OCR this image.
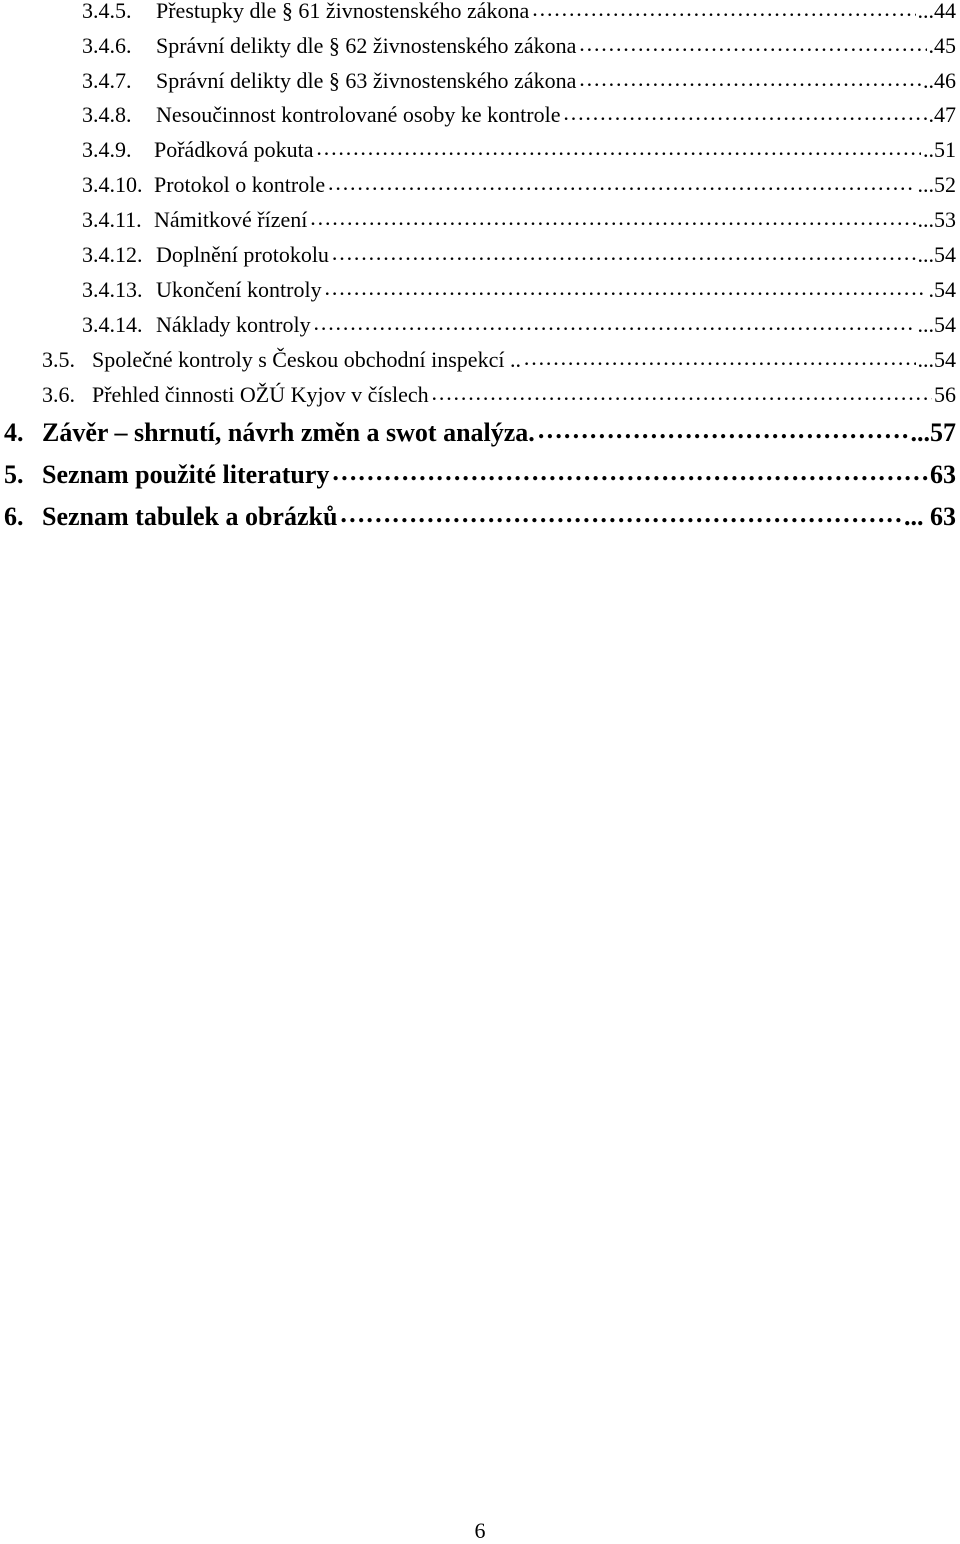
3.4.5.	Přestupky dle § 61 živnostenského zákona ……………………………………………………………………………………………………………………………………	...44
3.4.6.	Správní delikty dle § 62 živnostenského zákona ……………………………………………………………………………………………………………………………………	.45
3.4.7.	Správní delikty dle § 63 živnostenského zákona ……………………………………………………………………………………………………………………………………	..46
3.4.8.	Nesoučinnost kontrolované osoby ke kontrole ……………………………………………………………………………………………………………………………………	.47
3.4.9.	Pořádková pokuta ……………………………………………………………………………………………………………………………………	..51
3.4.10. Protokol o kontrole ……………………………………………………………………………………………………………………………………	...52
3.4.11. Námitkové řízení ……………………………………………………………………………………………………………………………………	...53
3.4.12. Doplnění protokolu ……………………………………………………………………………………………………………………………………	...54
3.4.13. Ukončení kontroly ……………………………………………………………………………………………………………………………………	.54
3.4.14. Náklady kontroly ……………………………………………………………………………………………………………………………………	...54
3.5. Společné kontroly s Českou obchodní inspekcí .. ……………………………………………………………………………………………………………………………………	...54
3.6. Přehled činnosti OŽÚ Kyjov v číslech ……………………………………………………………………………………………………………………………………	56
4. Závěr – shrnutí, návrh změn a swot analýza. ……………………………………………………………………………………………………………………………………	...57
5. Seznam použité literatury ……………………………………………………………………………………………………………………………………	63
6. Seznam tabulek a obrázků ……………………………………………………………………………………………………………………………………	... 63
6
